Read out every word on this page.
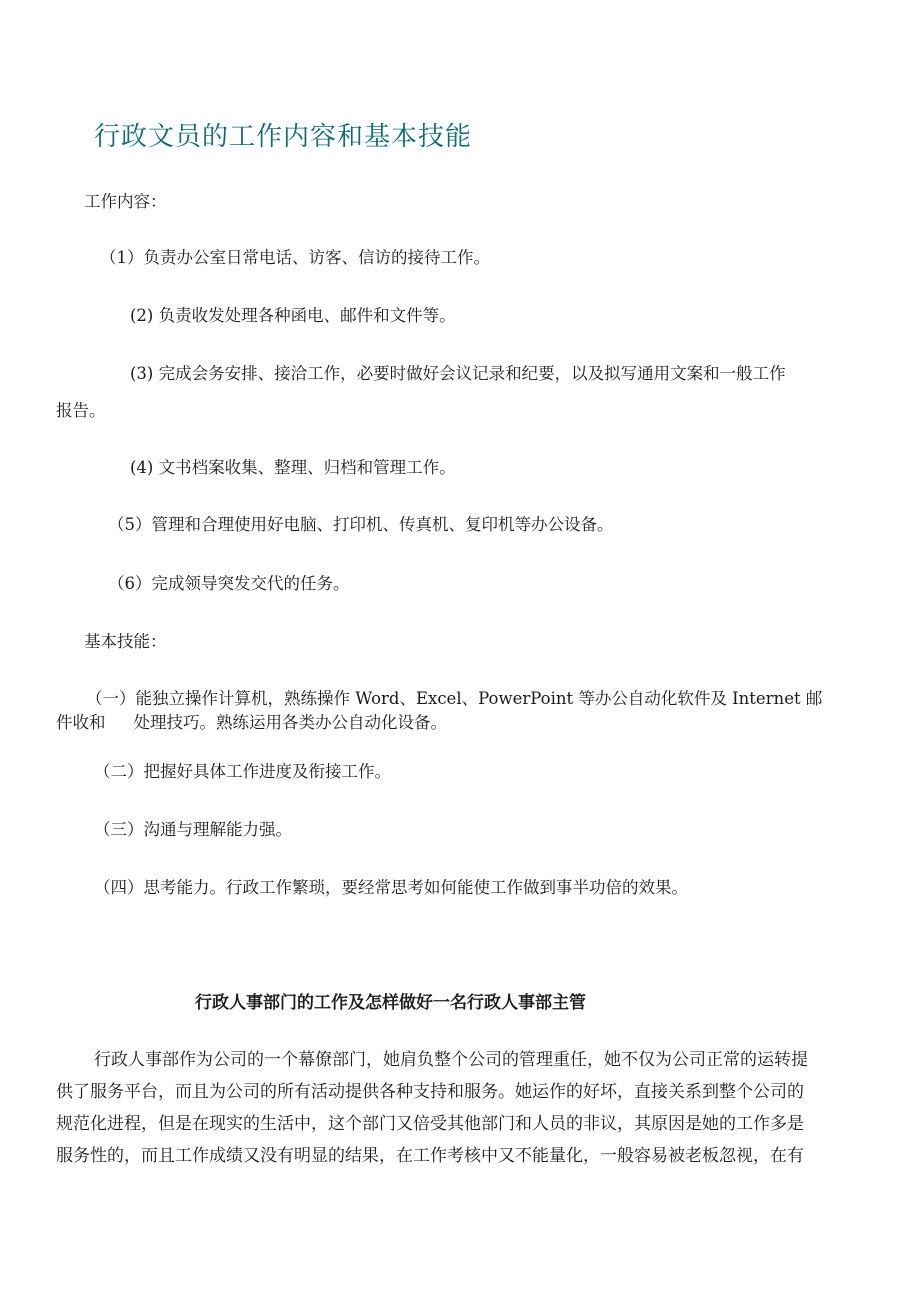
行政文员的工作内容和基本技能
工作内容：
（1）负责办公室日常电话、访客、信访的接待工作。
(2) 负责收发处理各种函电、邮件和文件等。
(3) 完成会务安排、接洽工作，必要时做好会议记录和纪要，以及拟写通用文案和一般工作
报告。
(4) 文书档案收集、整理、归档和管理工作。
（5）管理和合理使用好电脑、打印机、传真机、复印机等办公设备。
（6）完成领导突发交代的任务。
基本技能：
（一）能独立操作计算机，熟练操作 Word、Excel、PowerPoint 等办公自动化软件及 Internet 邮
件收和 处理技巧。熟练运用各类办公自动化设备。
（二）把握好具体工作进度及衔接工作。
（三）沟通与理解能力强。
（四）思考能力。行政工作繁琐，要经常思考如何能使工作做到事半功倍的效果。
行政人事部门的工作及怎样做好一名行政人事部主管
行政人事部作为公司的一个幕僚部门，她肩负整个公司的管理重任，她不仅为公司正常的运转提
供了服务平台，而且为公司的所有活动提供各种支持和服务。她运作的好坏，直接关系到整个公司的
规范化进程，但是在现实的生活中，这个部门又倍受其他部门和人员的非议，其原因是她的工作多是
服务性的，而且工作成绩又没有明显的结果，在工作考核中又不能量化，一般容易被老板忽视，在有
